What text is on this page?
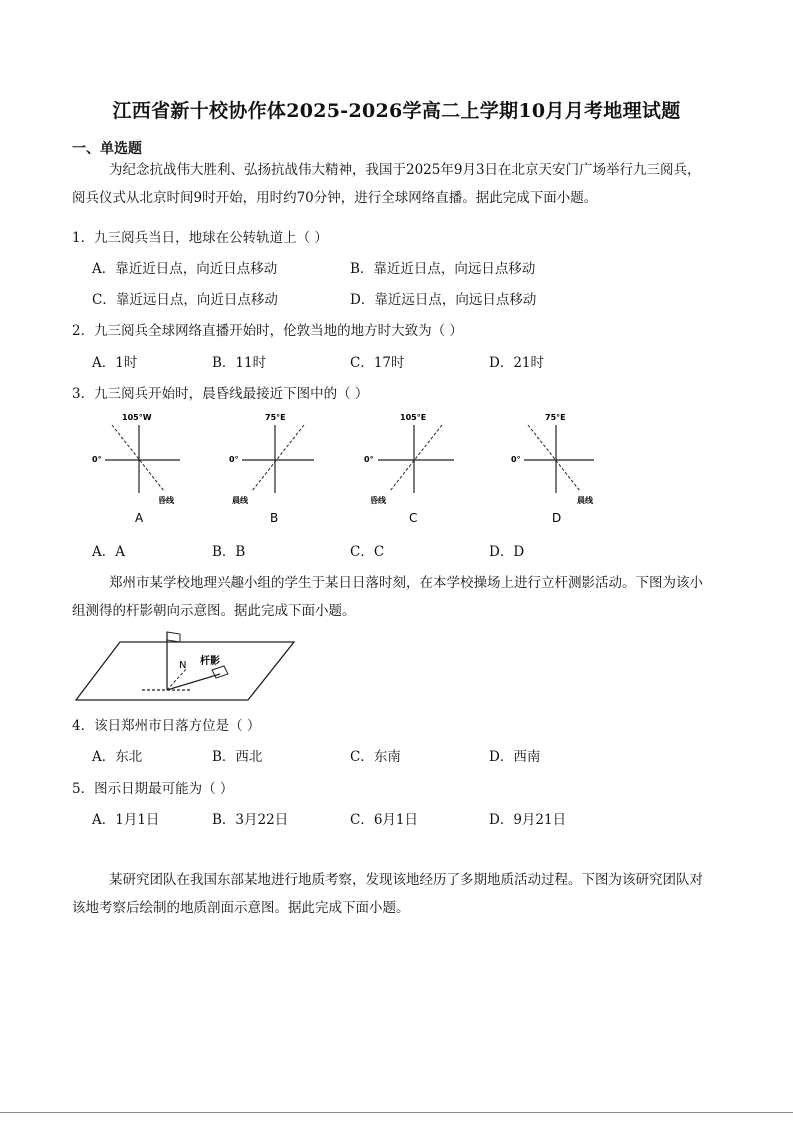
江西省新十校协作体2025-2026学高二上学期10月月考地理试题
一、单选题
为纪念抗战伟大胜利、弘扬抗战伟大精神，我国于2025年9月3日在北京天安门广场举行九三阅兵，
阅兵仪式从北京时间9时开始，用时约70分钟，进行全球网络直播。据此完成下面小题。
1．九三阅兵当日，地球在公转轨道上（ ）
A．靠近近日点，向近日点移动	B．靠近近日点，向远日点移动
C．靠近远日点，向近日点移动	D．靠近远日点，向远日点移动
2．九三阅兵全球网络直播开始时，伦敦当地的地方时大致为（ ）
A．1时	B．11时	C．17时	D．21时
3．九三阅兵开始时，晨昏线最接近下图中的（ ）
105°W
0°
昏线
A
75°E
0°
晨线
B
105°E
0°
昏线
C
75°E
0°
晨线
D
A．A	B．B	C．C	D．D
郑州市某学校地理兴趣小组的学生于某日日落时刻，在本学校操场上进行立杆测影活动。下图为该小
组测得的杆影朝向示意图。据此完成下面小题。
N 杆影
4．该日郑州市日落方位是（ ）
A．东北	B．西北	C．东南	D．西南
5．图示日期最可能为（ ）
A．1月1日	B．3月22日	C．6月1日	D．9月21日
某研究团队在我国东部某地进行地质考察，发现该地经历了多期地质活动过程。下图为该研究团队对
该地考察后绘制的地质剖面示意图。据此完成下面小题。
